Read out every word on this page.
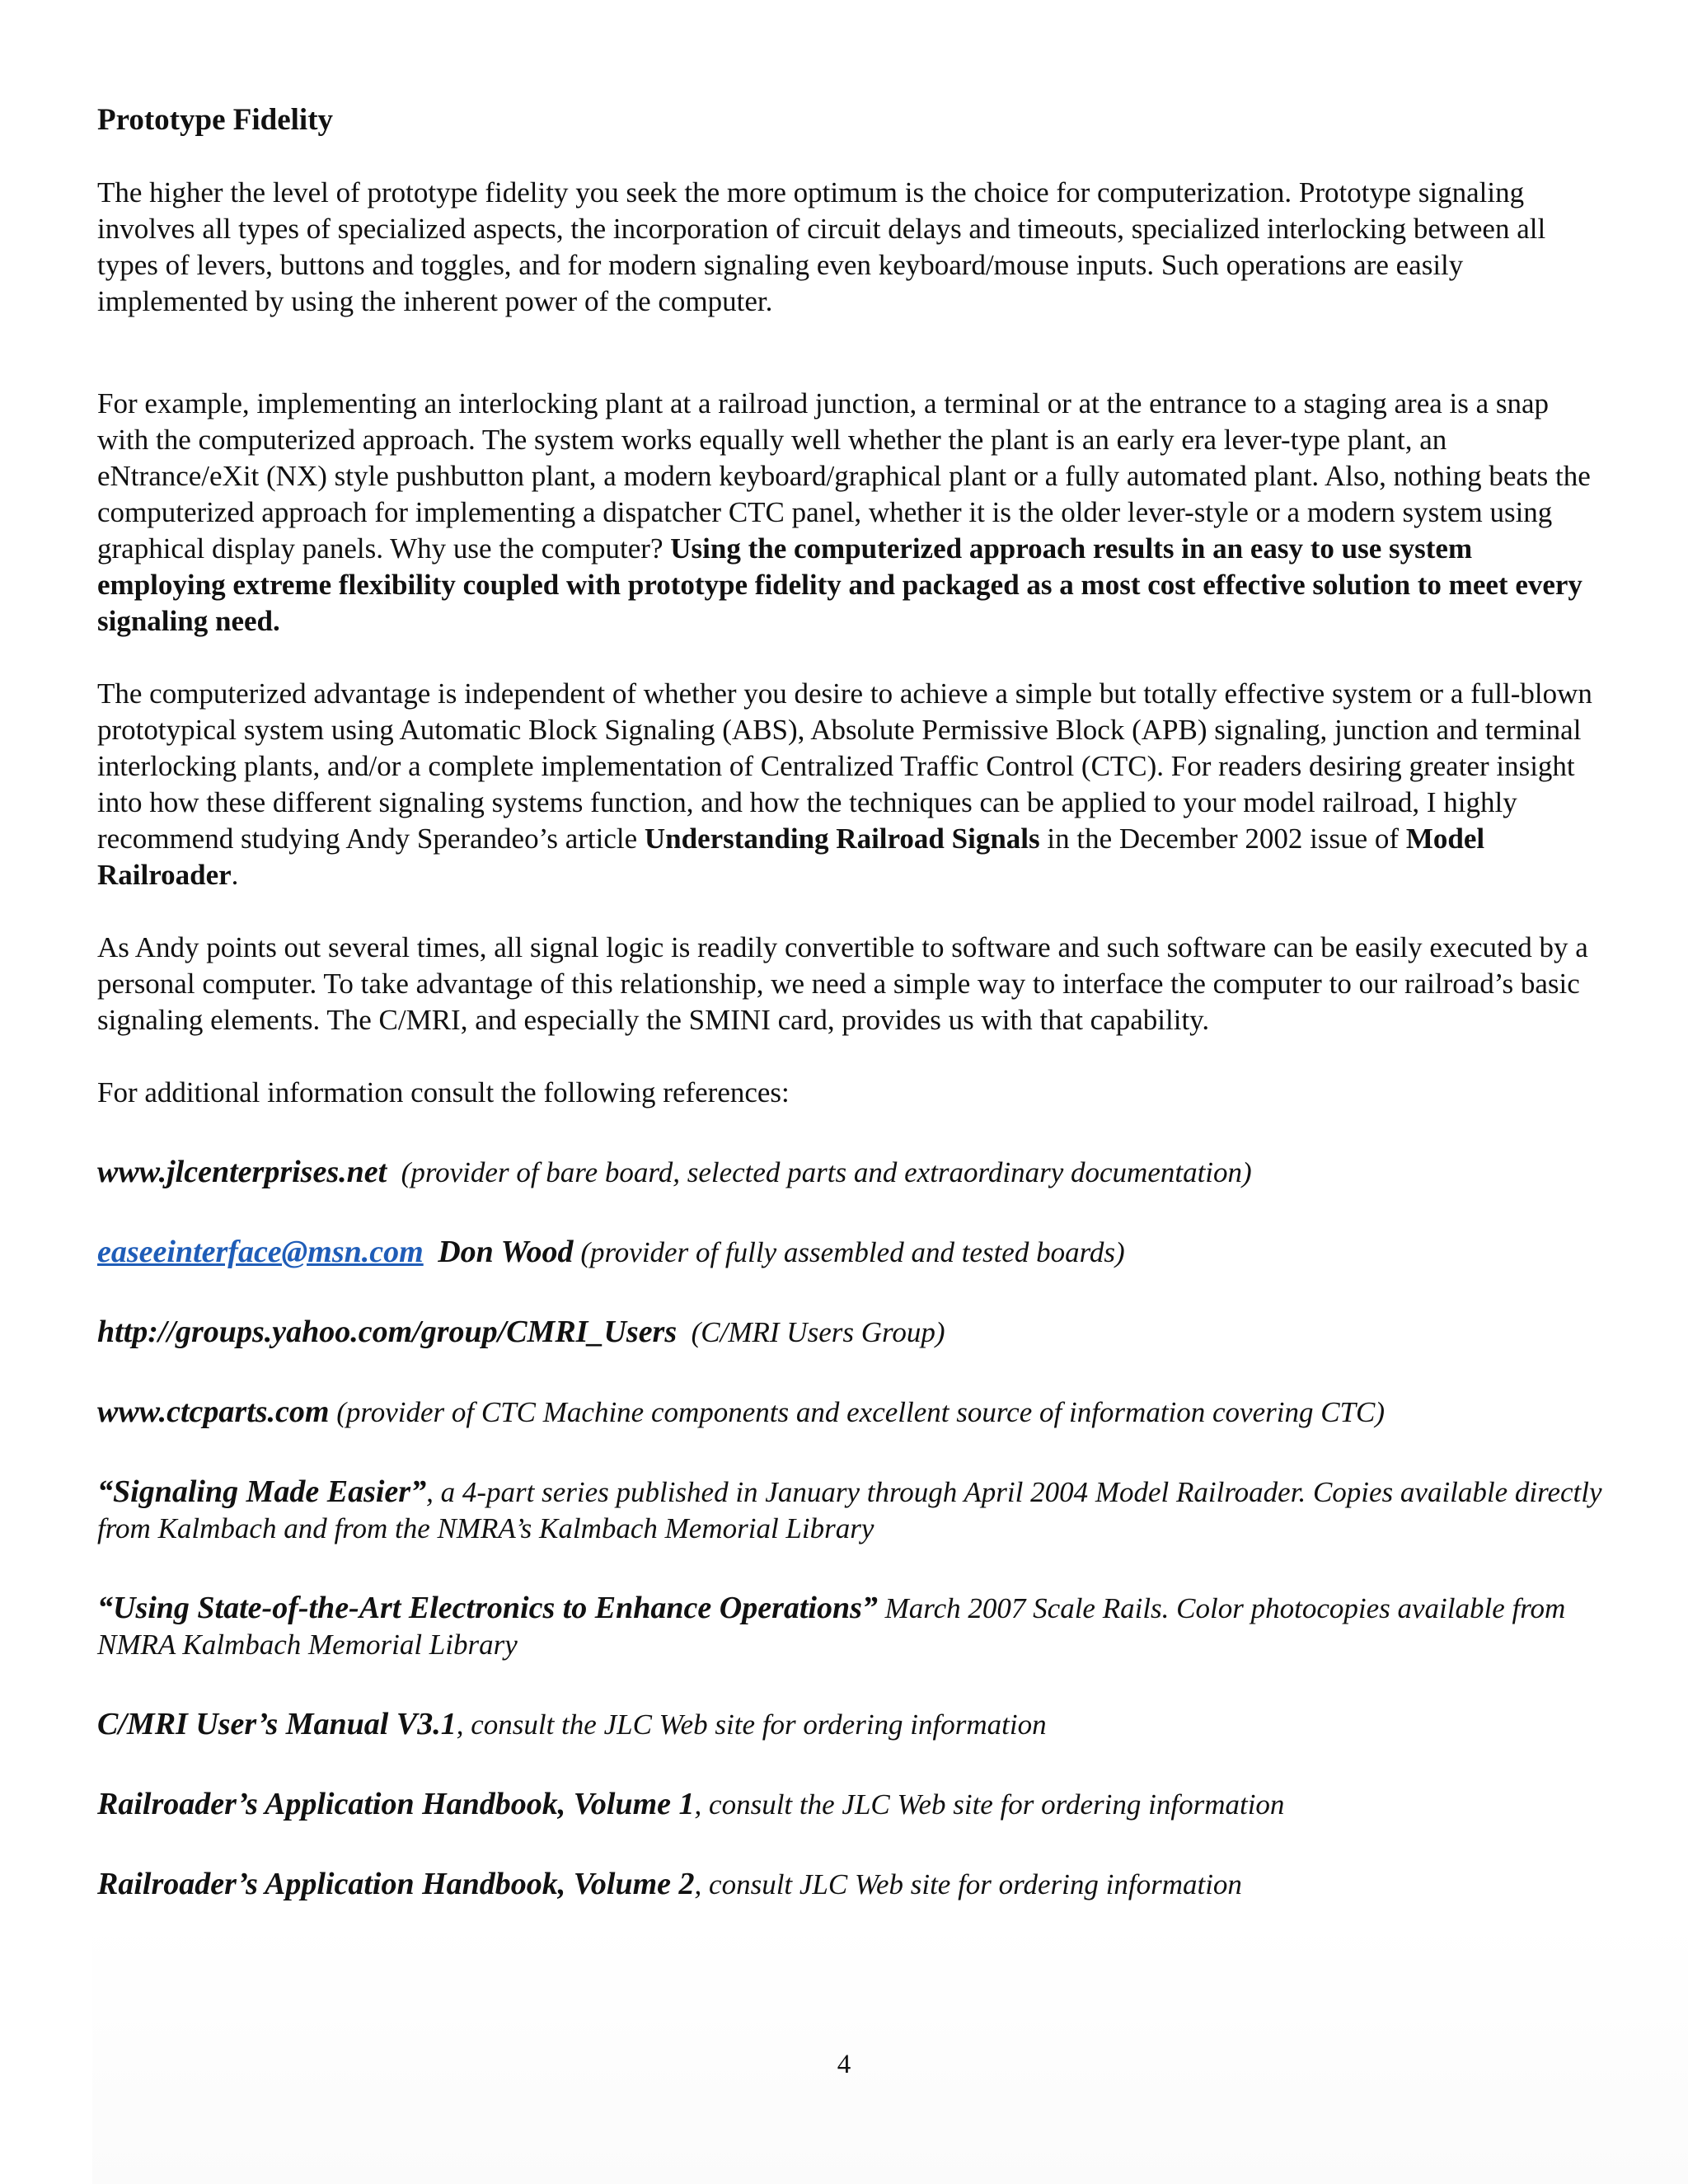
Prototype Fidelity

The higher the level of prototype fidelity you seek the more optimum is the choice for computerization. Prototype signaling involves all types of specialized aspects, the incorporation of circuit delays and timeouts, specialized interlocking between all types of levers, buttons and toggles, and for modern signaling even keyboard/mouse inputs. Such operations are easily implemented by using the inherent power of the computer.

For example, implementing an interlocking plant at a railroad junction, a terminal or at the entrance to a staging area is a snap with the computerized approach. The system works equally well whether the plant is an early era lever-type plant, an eNtrance/eXit (NX) style pushbutton plant, a modern keyboard/graphical plant or a fully automated plant. Also, nothing beats the computerized approach for implementing a dispatcher CTC panel, whether it is the older lever-style or a modern system using graphical display panels. Why use the computer? Using the computerized approach results in an easy to use system employing extreme flexibility coupled with prototype fidelity and packaged as a most cost effective solution to meet every signaling need.

The computerized advantage is independent of whether you desire to achieve a simple but totally effective system or a full-blown prototypical system using Automatic Block Signaling (ABS), Absolute Permissive Block (APB) signaling, junction and terminal interlocking plants, and/or a complete implementation of Centralized Traffic Control (CTC). For readers desiring greater insight into how these different signaling systems function, and how the techniques can be applied to your model railroad, I highly recommend studying Andy Sperandeo’s article Understanding Railroad Signals in the December 2002 issue of Model Railroader.

As Andy points out several times, all signal logic is readily convertible to software and such software can be easily executed by a personal computer. To take advantage of this relationship, we need a simple way to interface the computer to our railroad’s basic signaling elements. The C/MRI, and especially the SMINI card, provides us with that capability.

For additional information consult the following references:

www.jlcenterprises.net (provider of bare board, selected parts and extraordinary documentation)

easeeinterface@msn.com Don Wood (provider of fully assembled and tested boards)

http://groups.yahoo.com/group/CMRI_Users (C/MRI Users Group)

www.ctcparts.com (provider of CTC Machine components and excellent source of information covering CTC)

“Signaling Made Easier”, a 4-part series published in January through April 2004 Model Railroader. Copies available directly from Kalmbach and from the NMRA’s Kalmbach Memorial Library

“Using State-of-the-Art Electronics to Enhance Operations” March 2007 Scale Rails. Color photocopies available from NMRA Kalmbach Memorial Library

C/MRI User’s Manual V3.1, consult the JLC Web site for ordering information

Railroader’s Application Handbook, Volume 1, consult the JLC Web site for ordering information

Railroader’s Application Handbook, Volume 2, consult JLC Web site for ordering information

4
